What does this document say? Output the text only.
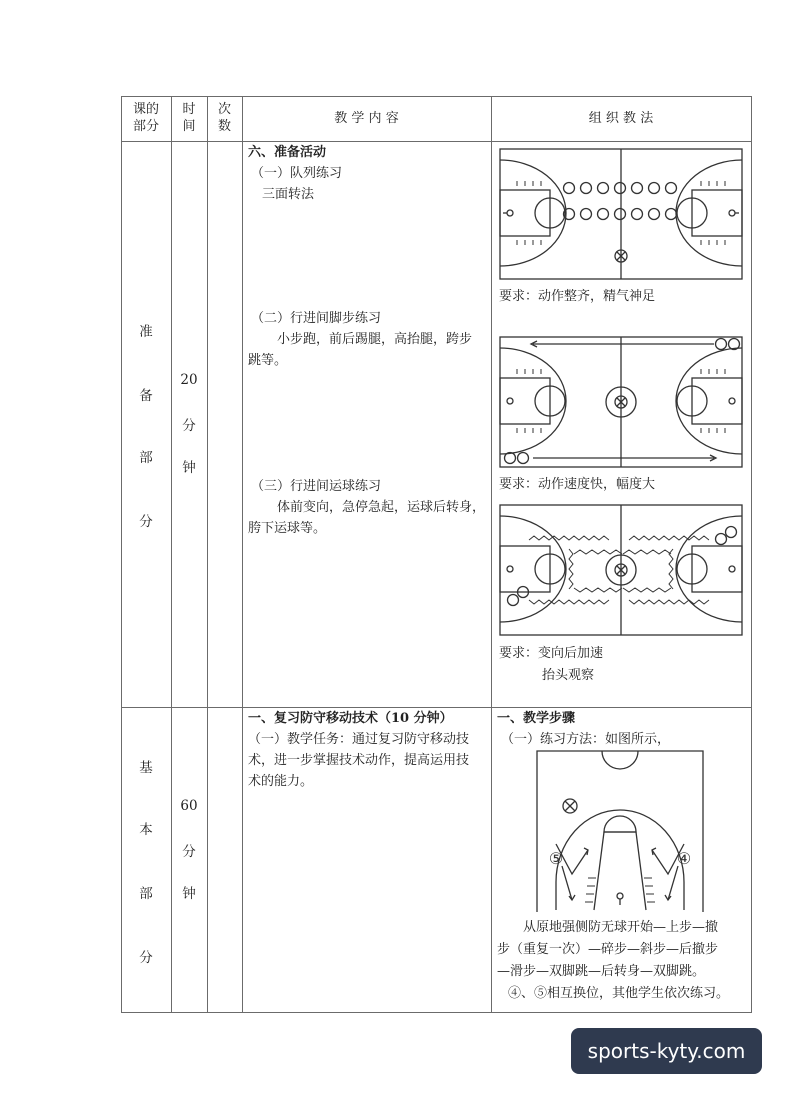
课的
部分
时
间
次
数
教 学 内 容	组 织 教 法
准
备
部
分
20
分
钟
六、准备活动
（一）队列练习
三面转法
（二）行进间脚步练习
小步跑，前后踢腿，高抬腿，跨步
跳等。
（三）行进间运球练习
体前变向，急停急起，运球后转身，
胯下运球等。
要求：动作整齐，精气神足
要求：动作速度快，幅度大
要求：变向后加速
抬头观察
基
本
部
分
60
分
钟
一、复习防守移动技术（10 分钟）
（一）教学任务：通过复习防守移动技
术，进一步掌握技术动作，提高运用技
术的能力。
一、教学步骤
（一）练习方法：如图所示，
⑤	④
从原地强侧防无球开始—上步—撤
步（重复一次）—碎步—斜步—后撤步
—滑步—双脚跳—后转身—双脚跳。
④、⑤相互换位，其他学生依次练习。
sports-kyty.com
